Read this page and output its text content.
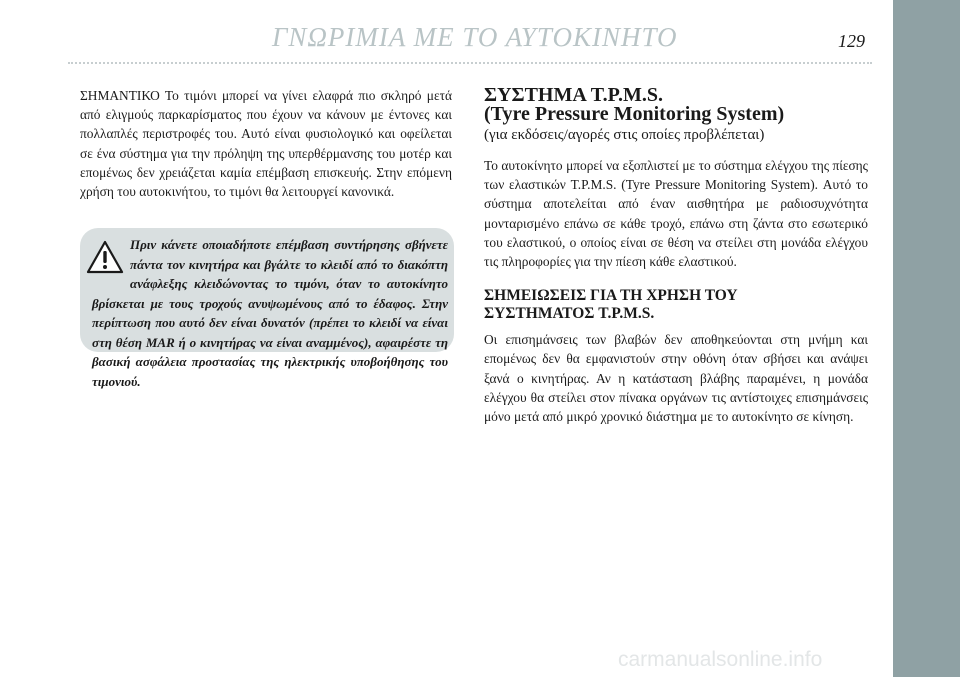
ΓΝΩΡΙΜΙΑ ΜΕ ΤΟ ΑΥΤΟΚΙΝΗΤΟ	129

ΣΗΜΑΝΤΙΚΟ Το τιμόνι μπορεί να γίνει ελαφρά πιο σκληρό μετά από ελιγμούς παρκαρίσματος που έχουν να κάνουν με έντονες και πολλαπλές περιστροφές του. Αυτό είναι φυσιολογικό και οφείλεται σε ένα σύστημα για την πρόληψη της υπερθέρμανσης του μοτέρ και επομένως δεν χρειάζεται καμία επέμβαση επισκευής. Στην επόμενη χρήση του αυτοκινήτου, το τιμόνι θα λειτουργεί κανονικά.

Πριν κάνετε οποιαδήποτε επέμβαση συντήρησης σβήνετε πάντα τον κινητήρα και βγάλτε το κλειδί από το διακόπτη ανάφλεξης κλειδώνοντας το τιμόνι, όταν το αυτοκίνητο βρίσκεται με τους τροχούς ανυψωμένους από το έδαφος. Στην περίπτωση που αυτό δεν είναι δυνατόν (πρέπει το κλειδί να είναι στη θέση MAR ή ο κινητήρας να είναι αναμμένος), αφαιρέστε τη βασική ασφάλεια προστασίας της ηλεκτρικής υποβοήθησης του τιμονιού.
ΣΥΣΤΗΜΑ T.P.M.S.
(Tyre Pressure Monitoring System)
(για εκδόσεις/αγορές στις οποίες προβλέπεται)

Το αυτοκίνητο μπορεί να εξοπλιστεί με το σύστημα ελέγχου της πίεσης των ελαστικών T.P.M.S. (Tyre Pressure Monitoring System). Αυτό το σύστημα αποτελείται από έναν αισθητήρα με ραδιοσυχνότητα μονταρισμένο επάνω σε κάθε τροχό, επάνω στη ζάντα στο εσωτερικό του ελαστικού, ο οποίος είναι σε θέση να στείλει στη μονάδα ελέγχου τις πληροφορίες για την πίεση κάθε ελαστικού.

ΣΗΜΕΙΩΣΕΙΣ ΓΙΑ ΤΗ ΧΡΗΣΗ ΤΟΥ
ΣΥΣΤΗΜΑΤΟΣ T.P.M.S.

Οι επισημάνσεις των βλαβών δεν αποθηκεύονται στη μνήμη και επομένως δεν θα εμφανιστούν στην οθόνη όταν σβήσει και ανάψει ξανά ο κινητήρας. Αν η κατάσταση βλάβης παραμένει, η μονάδα ελέγχου θα στείλει στον πίνακα οργάνων τις αντίστοιχες επισημάνσεις μόνο μετά από μικρό χρονικό διάστημα με το αυτοκίνητο σε κίνηση.

carmanualsonline.info
